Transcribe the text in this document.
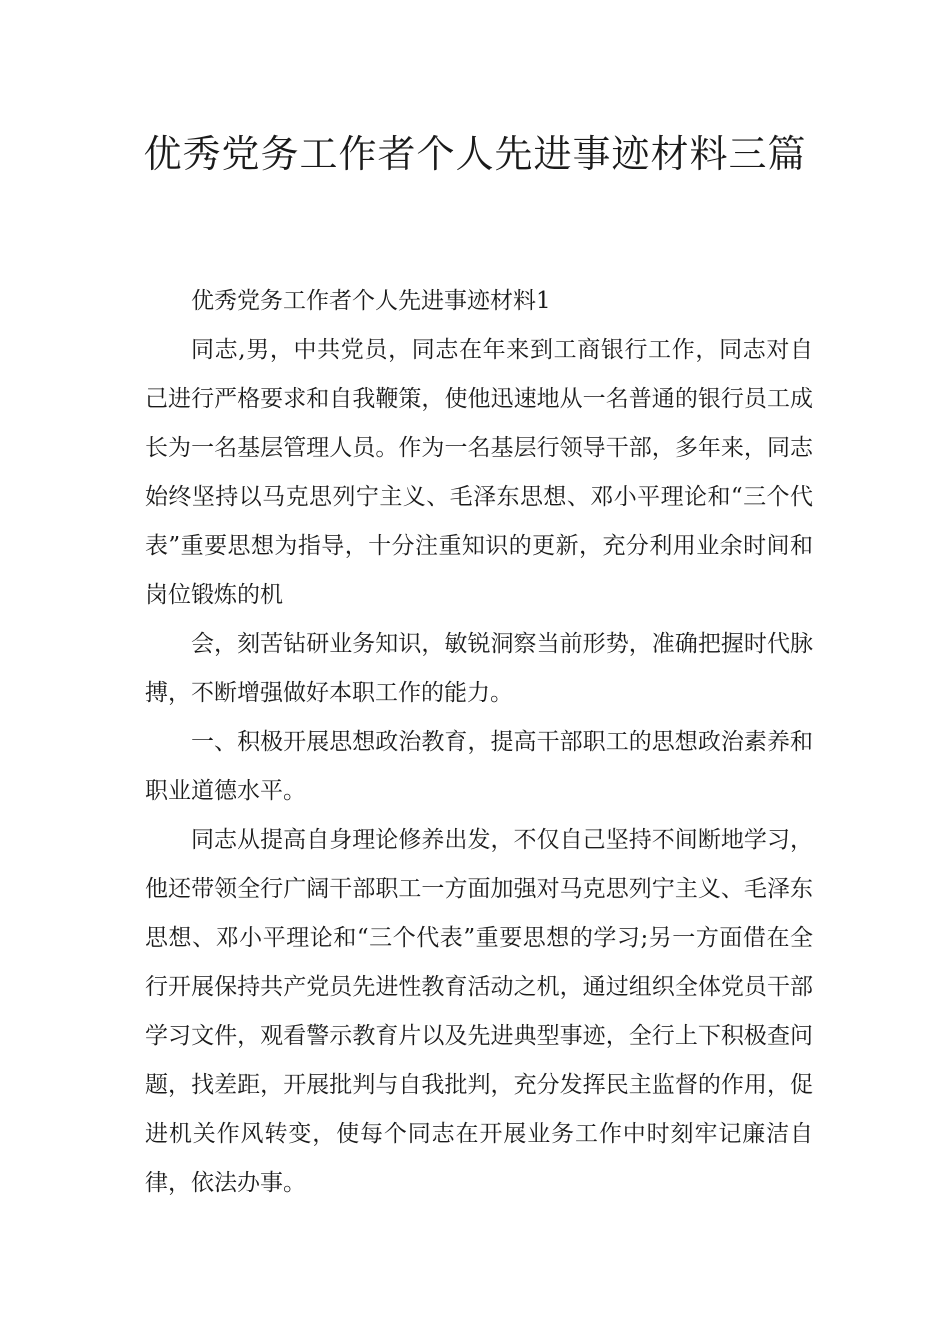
优秀党务工作者个人先进事迹材料三篇

优秀党务工作者个人先进事迹材料1

同志,男，中共党员，同志在年来到工商银行工作，同志对自己进行严格要求和自我鞭策，使他迅速地从一名普通的银行员工成长为一名基层管理人员。作为一名基层行领导干部，多年来，同志始终坚持以马克思列宁主义、毛泽东思想、邓小平理论和“三个代表”重要思想为指导，十分注重知识的更新，充分利用业余时间和岗位锻炼的机

会，刻苦钻研业务知识，敏锐洞察当前形势，准确把握时代脉搏，不断增强做好本职工作的能力。

一、积极开展思想政治教育，提高干部职工的思想政治素养和职业道德水平。

同志从提高自身理论修养出发，不仅自己坚持不间断地学习，他还带领全行广阔干部职工一方面加强对马克思列宁主义、毛泽东思想、邓小平理论和“三个代表”重要思想的学习;另一方面借在全行开展保持共产党员先进性教育活动之机，通过组织全体党员干部学习文件，观看警示教育片以及先进典型事迹，全行上下积极查问题，找差距，开展批判与自我批判，充分发挥民主监督的作用，促进机关作风转变，使每个同志在开展业务工作中时刻牢记廉洁自律，依法办事。
